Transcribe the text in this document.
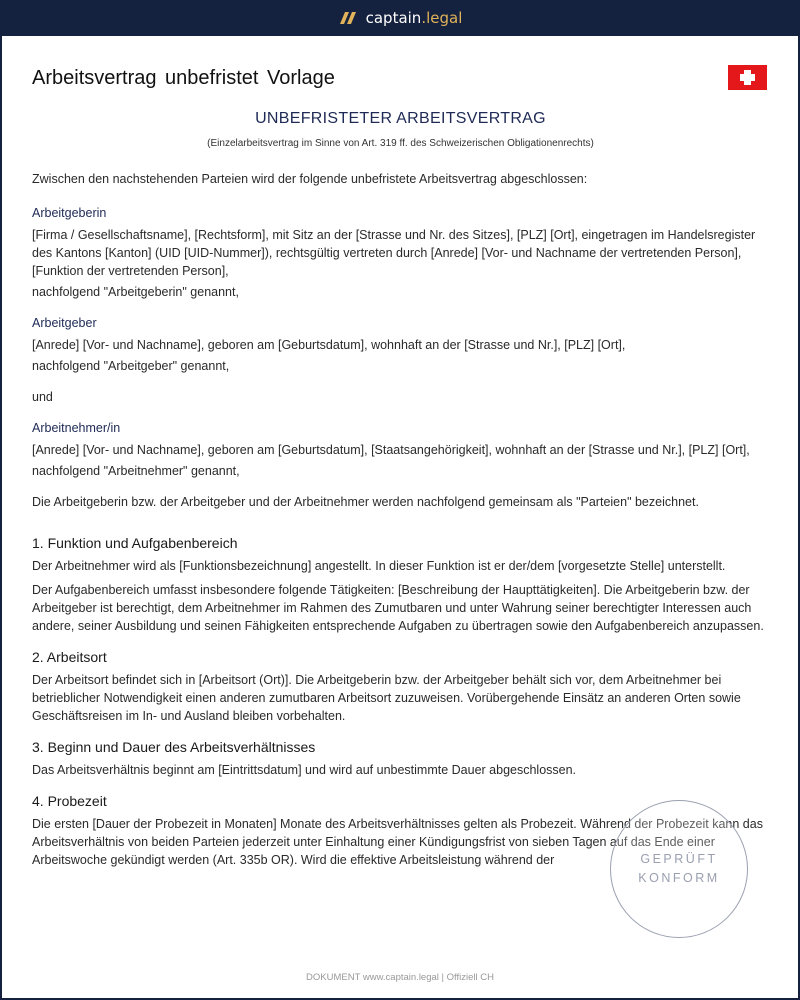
captain.legal
Arbeitsvertrag unbefristet Vorlage
UNBEFRISTETER ARBEITSVERTRAG
(Einzelarbeitsvertrag im Sinne von Art. 319 ff. des Schweizerischen Obligationenrechts)

Zwischen den nachstehenden Parteien wird der folgende unbefristete Arbeitsvertrag abgeschlossen:

Arbeitgeberin

[Firma / Gesellschaftsname], [Rechtsform], mit Sitz an der [Strasse und Nr. des Sitzes], [PLZ] [Ort], eingetragen im Handelsregister des Kantons [Kanton] (UID [UID-Nummer]), rechtsgültig vertreten durch [Anrede] [Vor- und Nachname der vertretenden Person], [Funktion der vertretenden Person],

nachfolgend "Arbeitgeberin" genannt,

Arbeitgeber

[Anrede] [Vor- und Nachname], geboren am [Geburtsdatum], wohnhaft an der [Strasse und Nr.], [PLZ] [Ort],

nachfolgend "Arbeitgeber" genannt,

und

Arbeitnehmer/in

[Anrede] [Vor- und Nachname], geboren am [Geburtsdatum], [Staatsangehörigkeit], wohnhaft an der [Strasse und Nr.], [PLZ] [Ort],

nachfolgend "Arbeitnehmer" genannt,

Die Arbeitgeberin bzw. der Arbeitgeber und der Arbeitnehmer werden nachfolgend gemeinsam als "Parteien" bezeichnet.

1. Funktion und Aufgabenbereich

Der Arbeitnehmer wird als [Funktionsbezeichnung] angestellt. In dieser Funktion ist er der/dem [vorgesetzte Stelle] unterstellt.

Der Aufgabenbereich umfasst insbesondere folgende Tätigkeiten: [Beschreibung der Haupttätigkeiten]. Die Arbeitgeberin bzw. der Arbeitgeber ist berechtigt, dem Arbeitnehmer im Rahmen des Zumutbaren und unter Wahrung seiner berechtigter Interessen auch andere, seiner Ausbildung und seinen Fähigkeiten entsprechende Aufgaben zu übertragen sowie den Aufgabenbereich anzupassen.

2. Arbeitsort

Der Arbeitsort befindet sich in [Arbeitsort (Ort)]. Die Arbeitgeberin bzw. der Arbeitgeber behält sich vor, dem Arbeitnehmer bei betrieblicher Notwendigkeit einen anderen zumutbaren Arbeitsort zuzuweisen. Vorübergehende Einsätz an anderen Orten sowie Geschäftsreisen im In- und Ausland bleiben vorbehalten.

3. Beginn und Dauer des Arbeitsverhältnisses

Das Arbeitsverhältnis beginnt am [Eintrittsdatum] und wird auf unbestimmte Dauer abgeschlossen.

4. Probezeit

Die ersten [Dauer der Probezeit in Monaten] Monate des Arbeitsverhältnisses gelten als Probezeit. Während der Probezeit kann das Arbeitsverhältnis von beiden Parteien jederzeit unter Einhaltung einer Kündigungsfrist von sieben Tagen auf das Ende einer Arbeitswoche gekündigt werden (Art. 335b OR). Wird die effektive Arbeitsleistung während der	GEPRÜFT
KONFORM
DOKUMENT www.captain.legal | Offiziell CH
